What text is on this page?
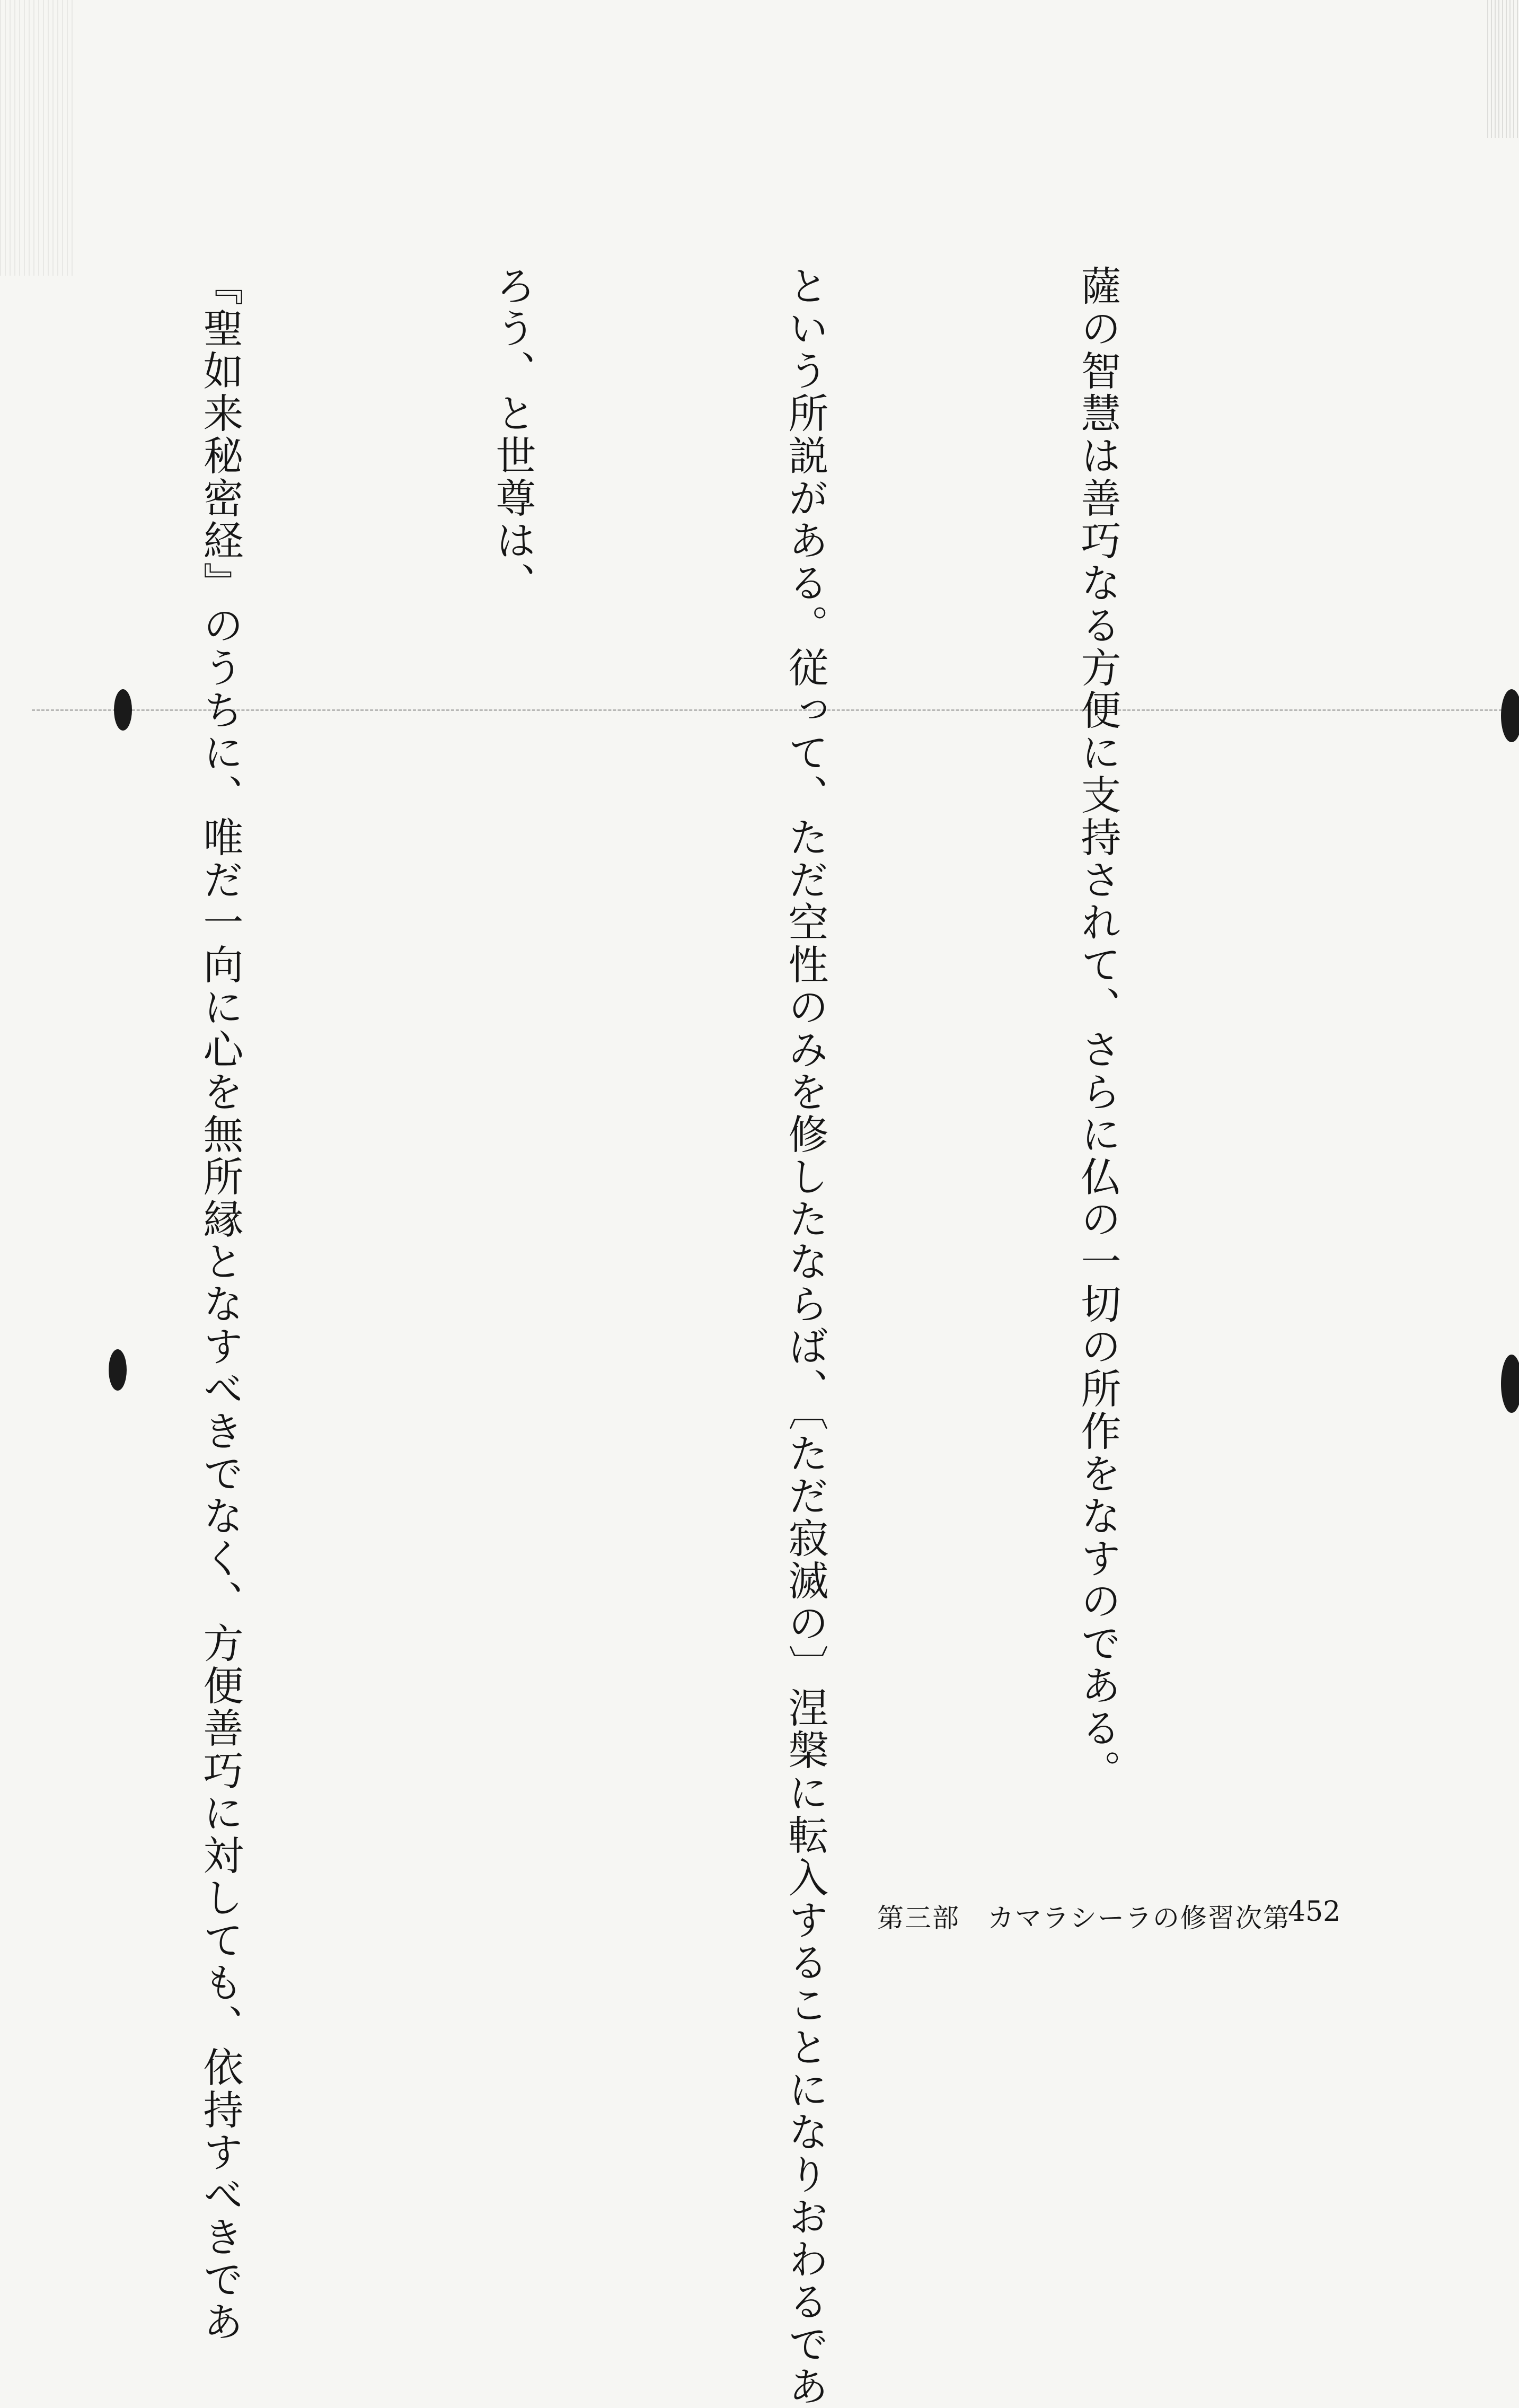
薩の智慧は善巧なる方便に支持されて、さらに仏の一切の所作をなすのである。

という所説がある。従って、ただ空性のみを修したならば、〔ただ寂滅の〕涅槃に転入することになりおわるであ

ろう、と世尊は、

『聖如来秘密経』のうちに、唯だ一向に心を無所縁となすべきでなく、方便善巧に対しても、依持すべきであ

	第三部　カマラシーラの修習次第
452
